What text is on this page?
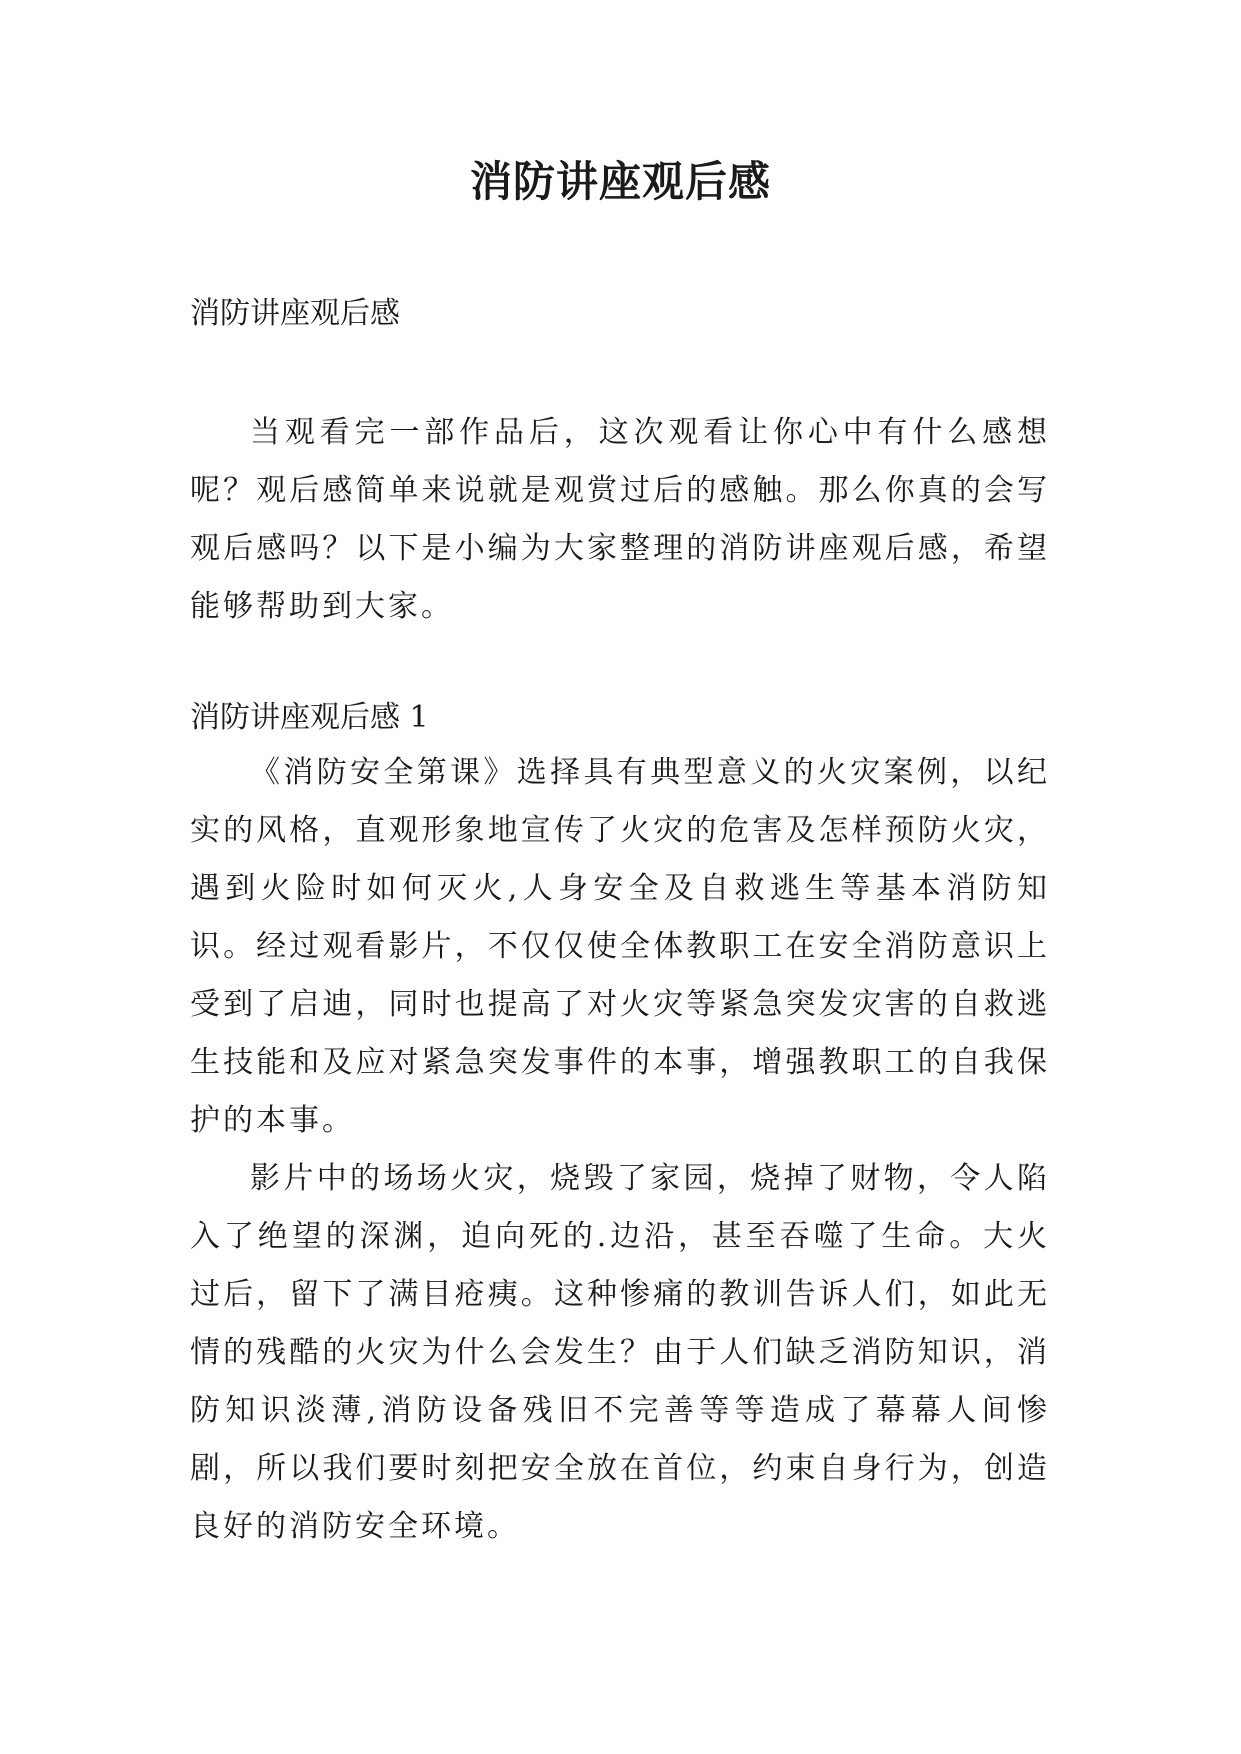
消防讲座观后感

消防讲座观后感

当观看完一部作品后，这次观看让你心中有什么感想呢？观后感简单来说就是观赏过后的感触。那么你真的会写观后感吗？以下是小编为大家整理的消防讲座观后感，希望能够帮助到大家。

消防讲座观后感 1

《消防安全第课》选择具有典型意义的火灾案例，以纪实的风格，直观形象地宣传了火灾的危害及怎样预防火灾，遇到火险时如何灭火,人身安全及自救逃生等基本消防知识。经过观看影片，不仅仅使全体教职工在安全消防意识上受到了启迪，同时也提高了对火灾等紧急突发灾害的自救逃生技能和及应对紧急突发事件的本事，增强教职工的自我保护的本事。

影片中的场场火灾，烧毁了家园，烧掉了财物，令人陷入了绝望的深渊，迫向死的.边沿，甚至吞噬了生命。大火过后，留下了满目疮痍。这种惨痛的教训告诉人们，如此无情的残酷的火灾为什么会发生？由于人们缺乏消防知识，消防知识淡薄,消防设备残旧不完善等等造成了幕幕人间惨剧，所以我们要时刻把安全放在首位，约束自身行为，创造良好的消防安全环境。
